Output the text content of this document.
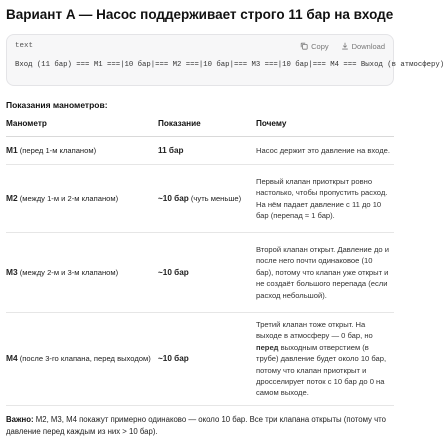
Вариант A — Насос поддерживает строго 11 бар на входе
text	Copy	Download
Вход (11 бар) === М1 ===|10 бар|=== М2 ===|10 бар|=== М3 ===|10 бар|=== М4 === Выход (в атмосферу)
Показания манометров:
Манометр	Показание	Почему
М1 (перед 1-м клапаном)	11 бар	Насос держит это давление на входе.
М2 (между 1-м и 2-м клапаном)	~10 бар (чуть меньше)	Первый клапан приоткрыт ровно настолько, чтобы пропустить расход. На нём падает давление с 11 до 10 бар (перепад ≈ 1 бар).
М3 (между 2-м и 3-м клапаном)	~10 бар	Второй клапан открыт. Давление до и после него почти одинаковое (10 бар), потому что клапан уже открыт и не создаёт большого перепада (если расход небольшой).
М4 (после 3-го клапана, перед выходом)	~10 бар	Третий клапан тоже открыт. На выходе в атмосферу — 0 бар, но перед выходным отверстием (в трубе) давление будет около 10 бар, потому что клапан приоткрыт и дросселирует поток с 10 бар до 0 на самом выходе.
Важно: М2, М3, М4 покажут примерно одинаково — около 10 бар. Все три клапана открыты (потому что давление перед каждым из них > 10 бар).
